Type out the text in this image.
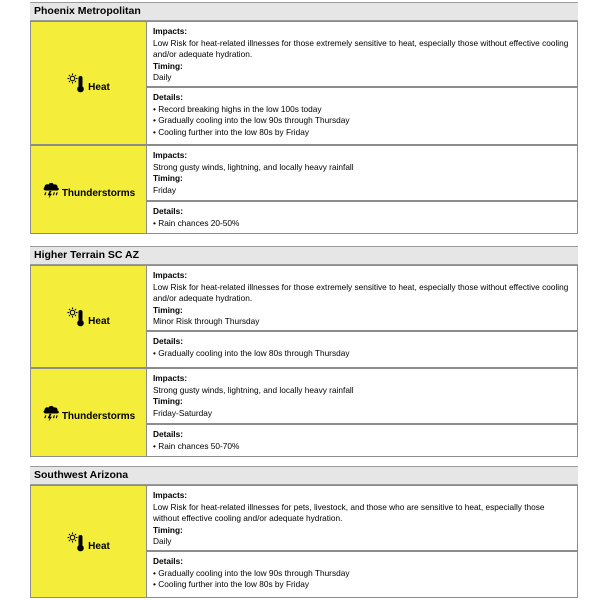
Phoenix Metropolitan
Heat
Impacts:
Low Risk for heat-related illnesses for those extremely sensitive to heat, especially those without effective cooling and/or adequate hydration.
Timing:
Daily
Details:
• Record breaking highs in the low 100s today
• Gradually cooling into the low 90s through Thursday
• Cooling further into the low 80s by Friday
Thunderstorms
Impacts:
Strong gusty winds, lightning, and locally heavy rainfall
Timing:
Friday
Details:
• Rain chances 20-50%
Higher Terrain SC AZ
Heat
Impacts:
Low Risk for heat-related illnesses for those extremely sensitive to heat, especially those without effective cooling and/or adequate hydration.
Timing:
Minor Risk through Thursday
Details:
• Gradually cooling into the low 80s through Thursday
Thunderstorms
Impacts:
Strong gusty winds, lightning, and locally heavy rainfall
Timing:
Friday-Saturday
Details:
• Rain chances 50-70%
Southwest Arizona
Heat
Impacts:
Low Risk for heat-related illnesses for pets, livestock, and those who are sensitive to heat, especially those without effective cooling and/or adequate hydration.
Timing:
Daily
Details:
• Gradually cooling into the low 90s through Thursday
• Cooling further into the low 80s by Friday
